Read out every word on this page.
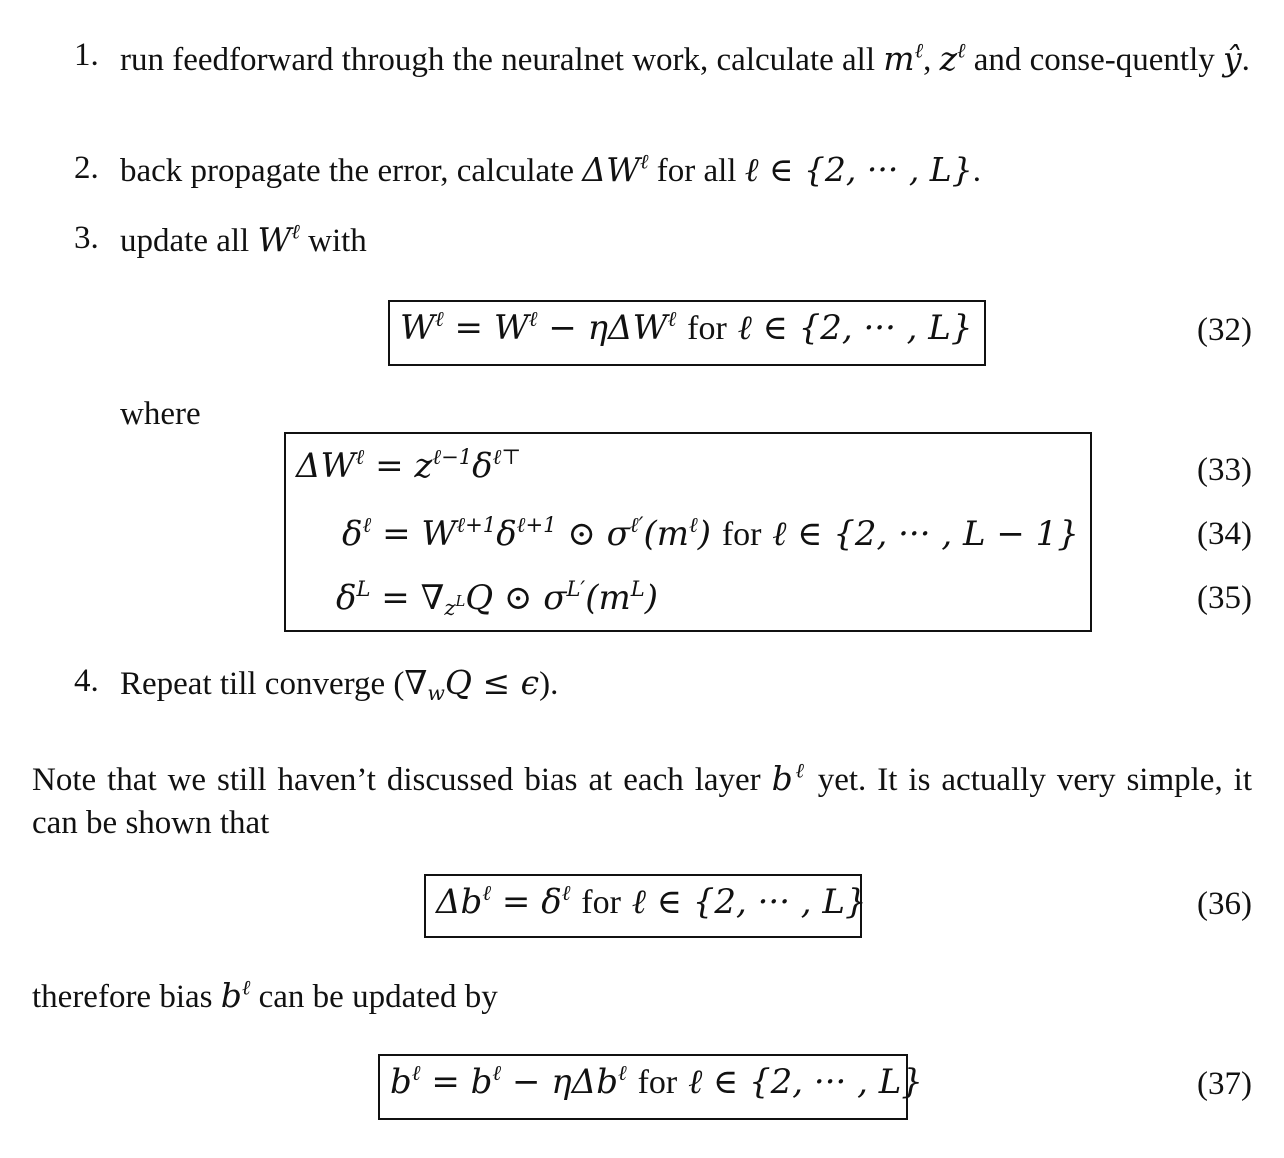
1. run feedforward through the neuralnet work, calculate all $m^\ell$, $z^\ell$ and conse-quently ŷ.
2. back propagate the error, calculate $\Delta W^\ell$ for all ℓ ∈ {2, ··· , L}.
3. update all $W^\ell$ with
$W^\ell = W^\ell - \eta\Delta W^\ell$ for ℓ ∈ {2, ··· , L}	(32)
where
$\Delta W^\ell = z^{\ell-1}\delta^{\ell⊤}$	(33)
$\delta^\ell = W^{\ell+1}\delta^{\ell+1}$ ⊙ $\sigma^{\ell'}(m^\ell)$ for ℓ ∈ {2, ··· , L − 1}	(34)
$\delta^L = \nabla_{z^L}Q$ ⊙ $\sigma^{L'}(m^L)$	(35)
4. Repeat till converge $(\nabla_wQ \le \epsilon)$.
Note that we still haven’t discussed bias at each layer $b^\ell$ yet. It is actually very simple, it can be shown that
$\Delta b^\ell = \delta^\ell$ for ℓ ∈ {2, ··· , L}	(36)
therefore bias $b^\ell$ can be updated by
$b^\ell = b^\ell - \eta\Delta b^\ell$ for ℓ ∈ {2, ··· , L}	(37)
